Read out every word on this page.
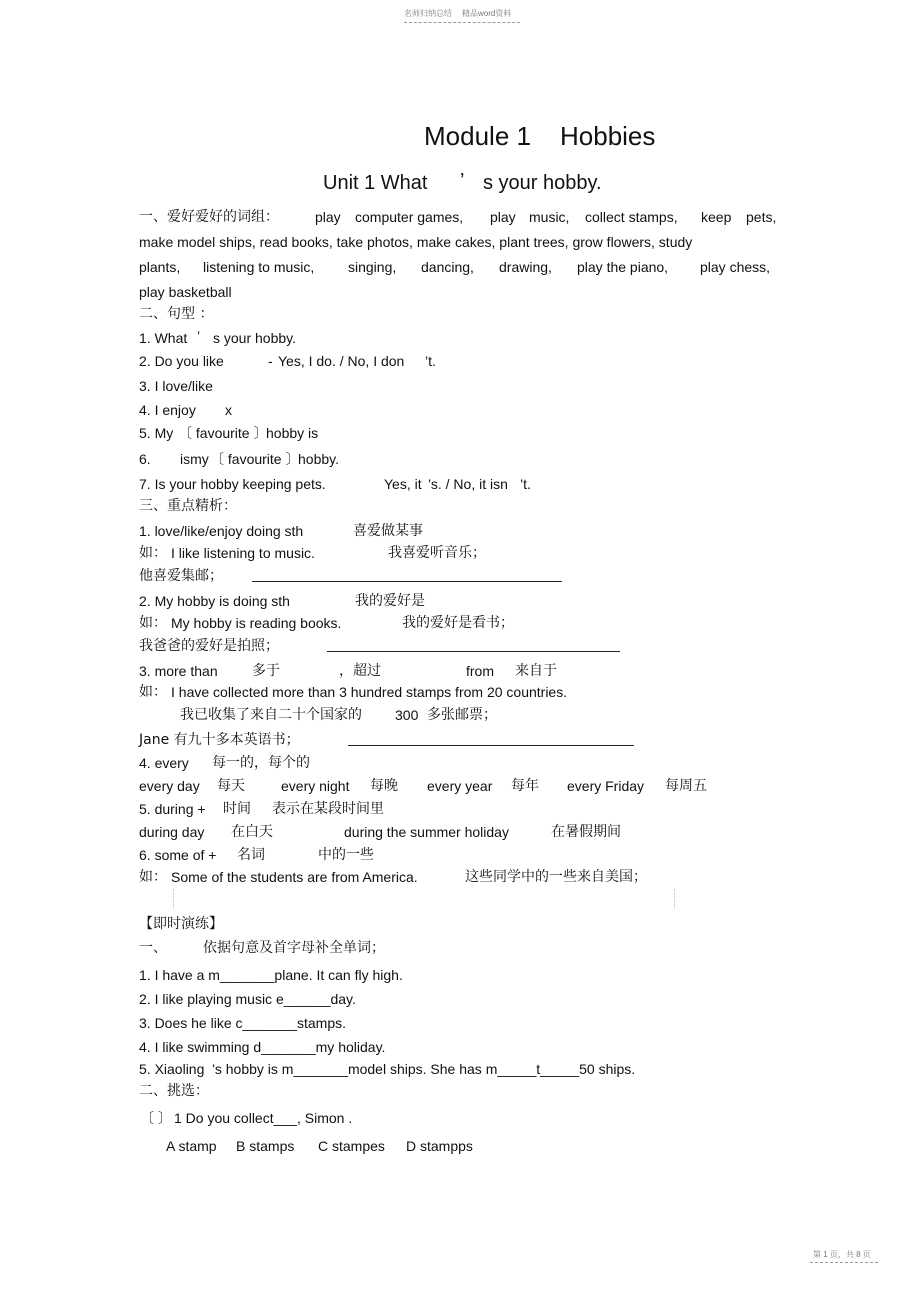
名师归纳总结 精品word资料
Module 1 Hobbies
Unit 1 What ’ s your hobby.
一、爱好爱好的词组：	play computer games, play music, collect stamps, keep pets,
make model ships, read books, take photos, make cakes, plant trees, grow flowers, study
plants, listening to music, singing, dancing, drawing, play the piano, play chess,
play basketball
二、句型 ：
1. What ’ s your hobby.
2. Do you like	- Yes, I do. / No, I don ’t.
3. I love/like
4. I enjoy x
5. My 〔 favourite 〕
hobby is
6. ismy 〔 favourite 〕
hobby.
7. Is your hobby keeping pets.	Yes, it ’s. / No, it isn ’t.
三、重点精析：
1. love/like/enjoy doing sth	喜爱做某事
如： I like listening to music.	我喜爱听音乐；
他喜爱集邮；
2. My hobby is doing sth	我的爱好是
如： My hobby is reading books.	我的爱好是看书；
我爸爸的爱好是拍照；
3. more than 多于	，超过	from 来自于
如： I have collected more than 3 hundred stamps from 20 countries.
我已收集了来自二十个国家的 300 多张邮票；
Jane 有九十多本英语书；
4. every 每一的，每个的
every day 每天	every night 每晚 every year 每年 every Friday 每周五
5. during + 时间 表示在某段时间里
during day 在白天	during the summer holiday	在暑假期间
6. some of + 名词	中的一些
如： Some of the students are from America.	这些同学中的一些来自美国；
【即时演练】
一、	依据句意及首字母补全单词；
1. I have a m_______plane. It can fly high.
2. I like playing music e______day.
3. Does he like c_______stamps.
4. I like swimming d_______my holiday.
5. Xiaoling ’s hobby is m_______model ships. She has m_____t_____50 ships.
二、挑选：
〔 〕 1 Do you collect___, Simon .
A stamp B stamps C stampes D stampps
第 1 页，共 8 页
